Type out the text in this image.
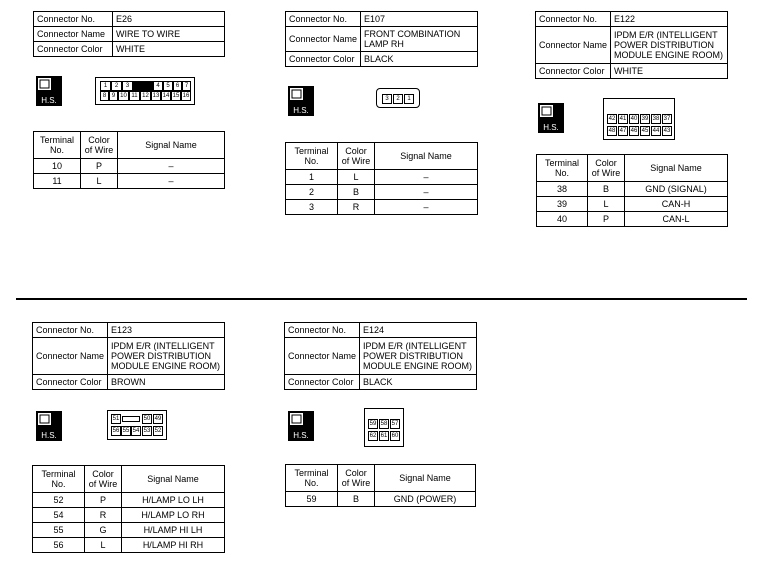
Connector No.	E26
Connector Name	WIRE TO WIRE
Connector Color	WHITE
H.S.
1	2	3	4	5	6 7
8 9 10 11 12 13 14 15 16
Terminal No.	Color of Wire	Signal Name
10	P	–
11	L	–
Connector No.	E107
Connector Name	FRONT COMBINATION LAMP RH
Connector Color	BLACK
H.S.
3	2	1
Terminal No.	Color of Wire	Signal Name
1	L	–
2	B	–
3	R	–
Connector No.	E122
Connector Name	IPDM E/R (INTELLIGENT POWER DISTRIBUTION MODULE ENGINE ROOM)
Connector Color	WHITE
H.S.
42 41 40 39 38 37
48 47 46 45 44 43
Terminal No.	Color of Wire	Signal Name
38	B	GND (SIGNAL)
39	L	CAN-H
40	P	CAN-L
Connector No.	E123
Connector Name	IPDM E/R (INTELLIGENT POWER DISTRIBUTION MODULE ENGINE ROOM)
Connector Color	BROWN
H.S.
51	50 49
56 55 54 53 52
Terminal No.	Color of Wire	Signal Name
52	P	H/LAMP LO LH
54	R	H/LAMP LO RH
55	G	H/LAMP HI LH
56	L	H/LAMP HI RH
Connector No.	E124
Connector Name	IPDM E/R (INTELLIGENT POWER DISTRIBUTION MODULE ENGINE ROOM)
Connector Color	BLACK
H.S.
59 58 57
62 61 60
Terminal No.	Color of Wire	Signal Name
59	B	GND (POWER)
